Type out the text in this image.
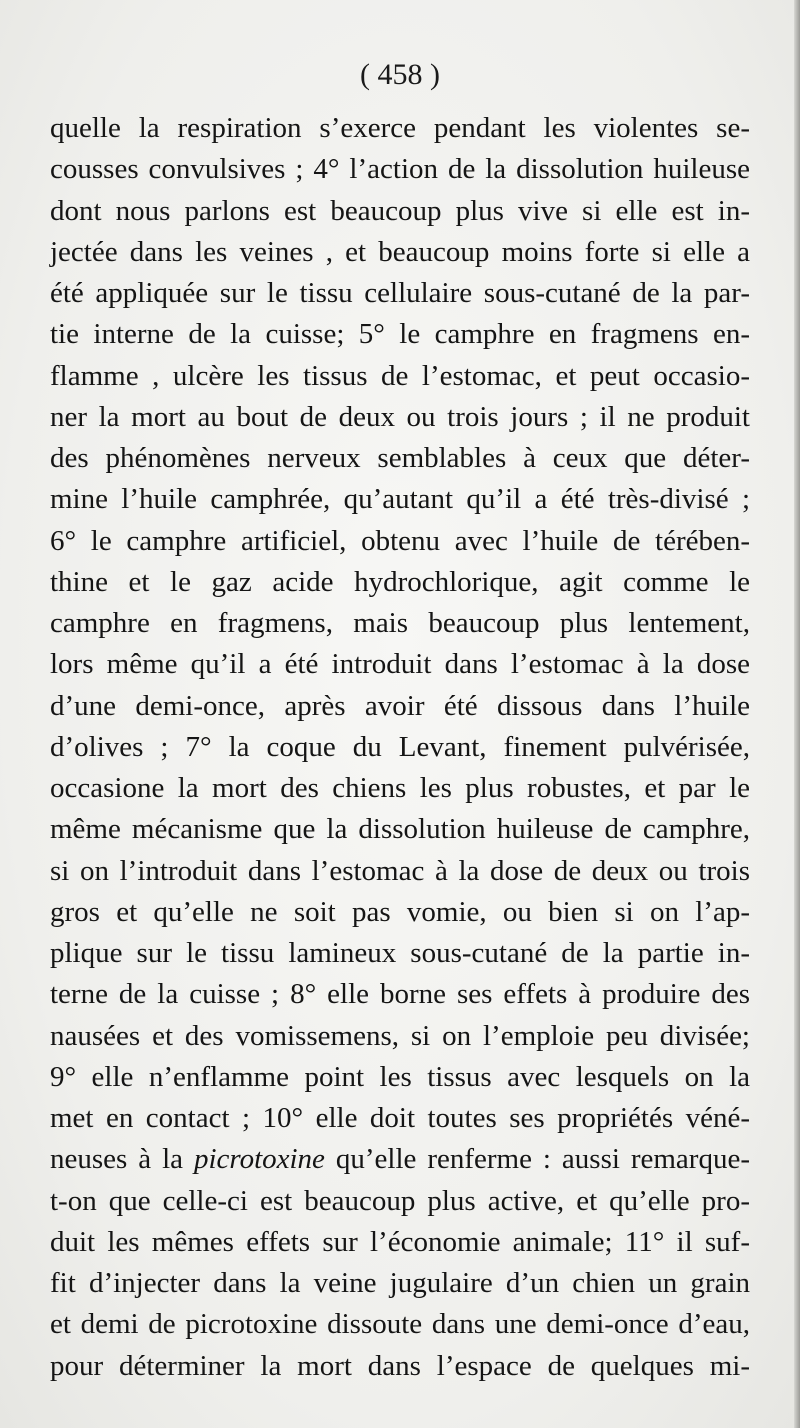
( 458 )
quelle la respiration s’exerce pendant les violentes se-
cousses convulsives ; 4° l’action de la dissolution huileuse
dont nous parlons est beaucoup plus vive si elle est in-
jectée dans les veines , et beaucoup moins forte si elle a
été appliquée sur le tissu cellulaire sous-cutané de la par-
tie interne de la cuisse; 5° le camphre en fragmens en-
flamme , ulcère les tissus de l’estomac, et peut occasio-
ner la mort au bout de deux ou trois jours ; il ne produit
des phénomènes nerveux semblables à ceux que déter-
mine l’huile camphrée, qu’autant qu’il a été très-divisé ;
6° le camphre artificiel, obtenu avec l’huile de térében-
thine et le gaz acide hydrochlorique, agit comme le
camphre en fragmens, mais beaucoup plus lentement,
lors même qu’il a été introduit dans l’estomac à la dose
d’une demi-once, après avoir été dissous dans l’huile
d’olives ; 7° la coque du Levant, finement pulvérisée,
occasione la mort des chiens les plus robustes, et par le
même mécanisme que la dissolution huileuse de camphre,
si on l’introduit dans l’estomac à la dose de deux ou trois
gros et qu’elle ne soit pas vomie, ou bien si on l’ap-
plique sur le tissu lamineux sous-cutané de la partie in-
terne de la cuisse ; 8° elle borne ses effets à produire des
nausées et des vomissemens, si on l’emploie peu divisée;
9° elle n’enflamme point les tissus avec lesquels on la
met en contact ; 10° elle doit toutes ses propriétés véné-
neuses à la picrotoxine qu’elle renferme : aussi remarque-
t-on que celle-ci est beaucoup plus active, et qu’elle pro-
duit les mêmes effets sur l’économie animale; 11° il suf-
fit d’injecter dans la veine jugulaire d’un chien un grain
et demi de picrotoxine dissoute dans une demi-once d’eau,
pour déterminer la mort dans l’espace de quelques mi-
